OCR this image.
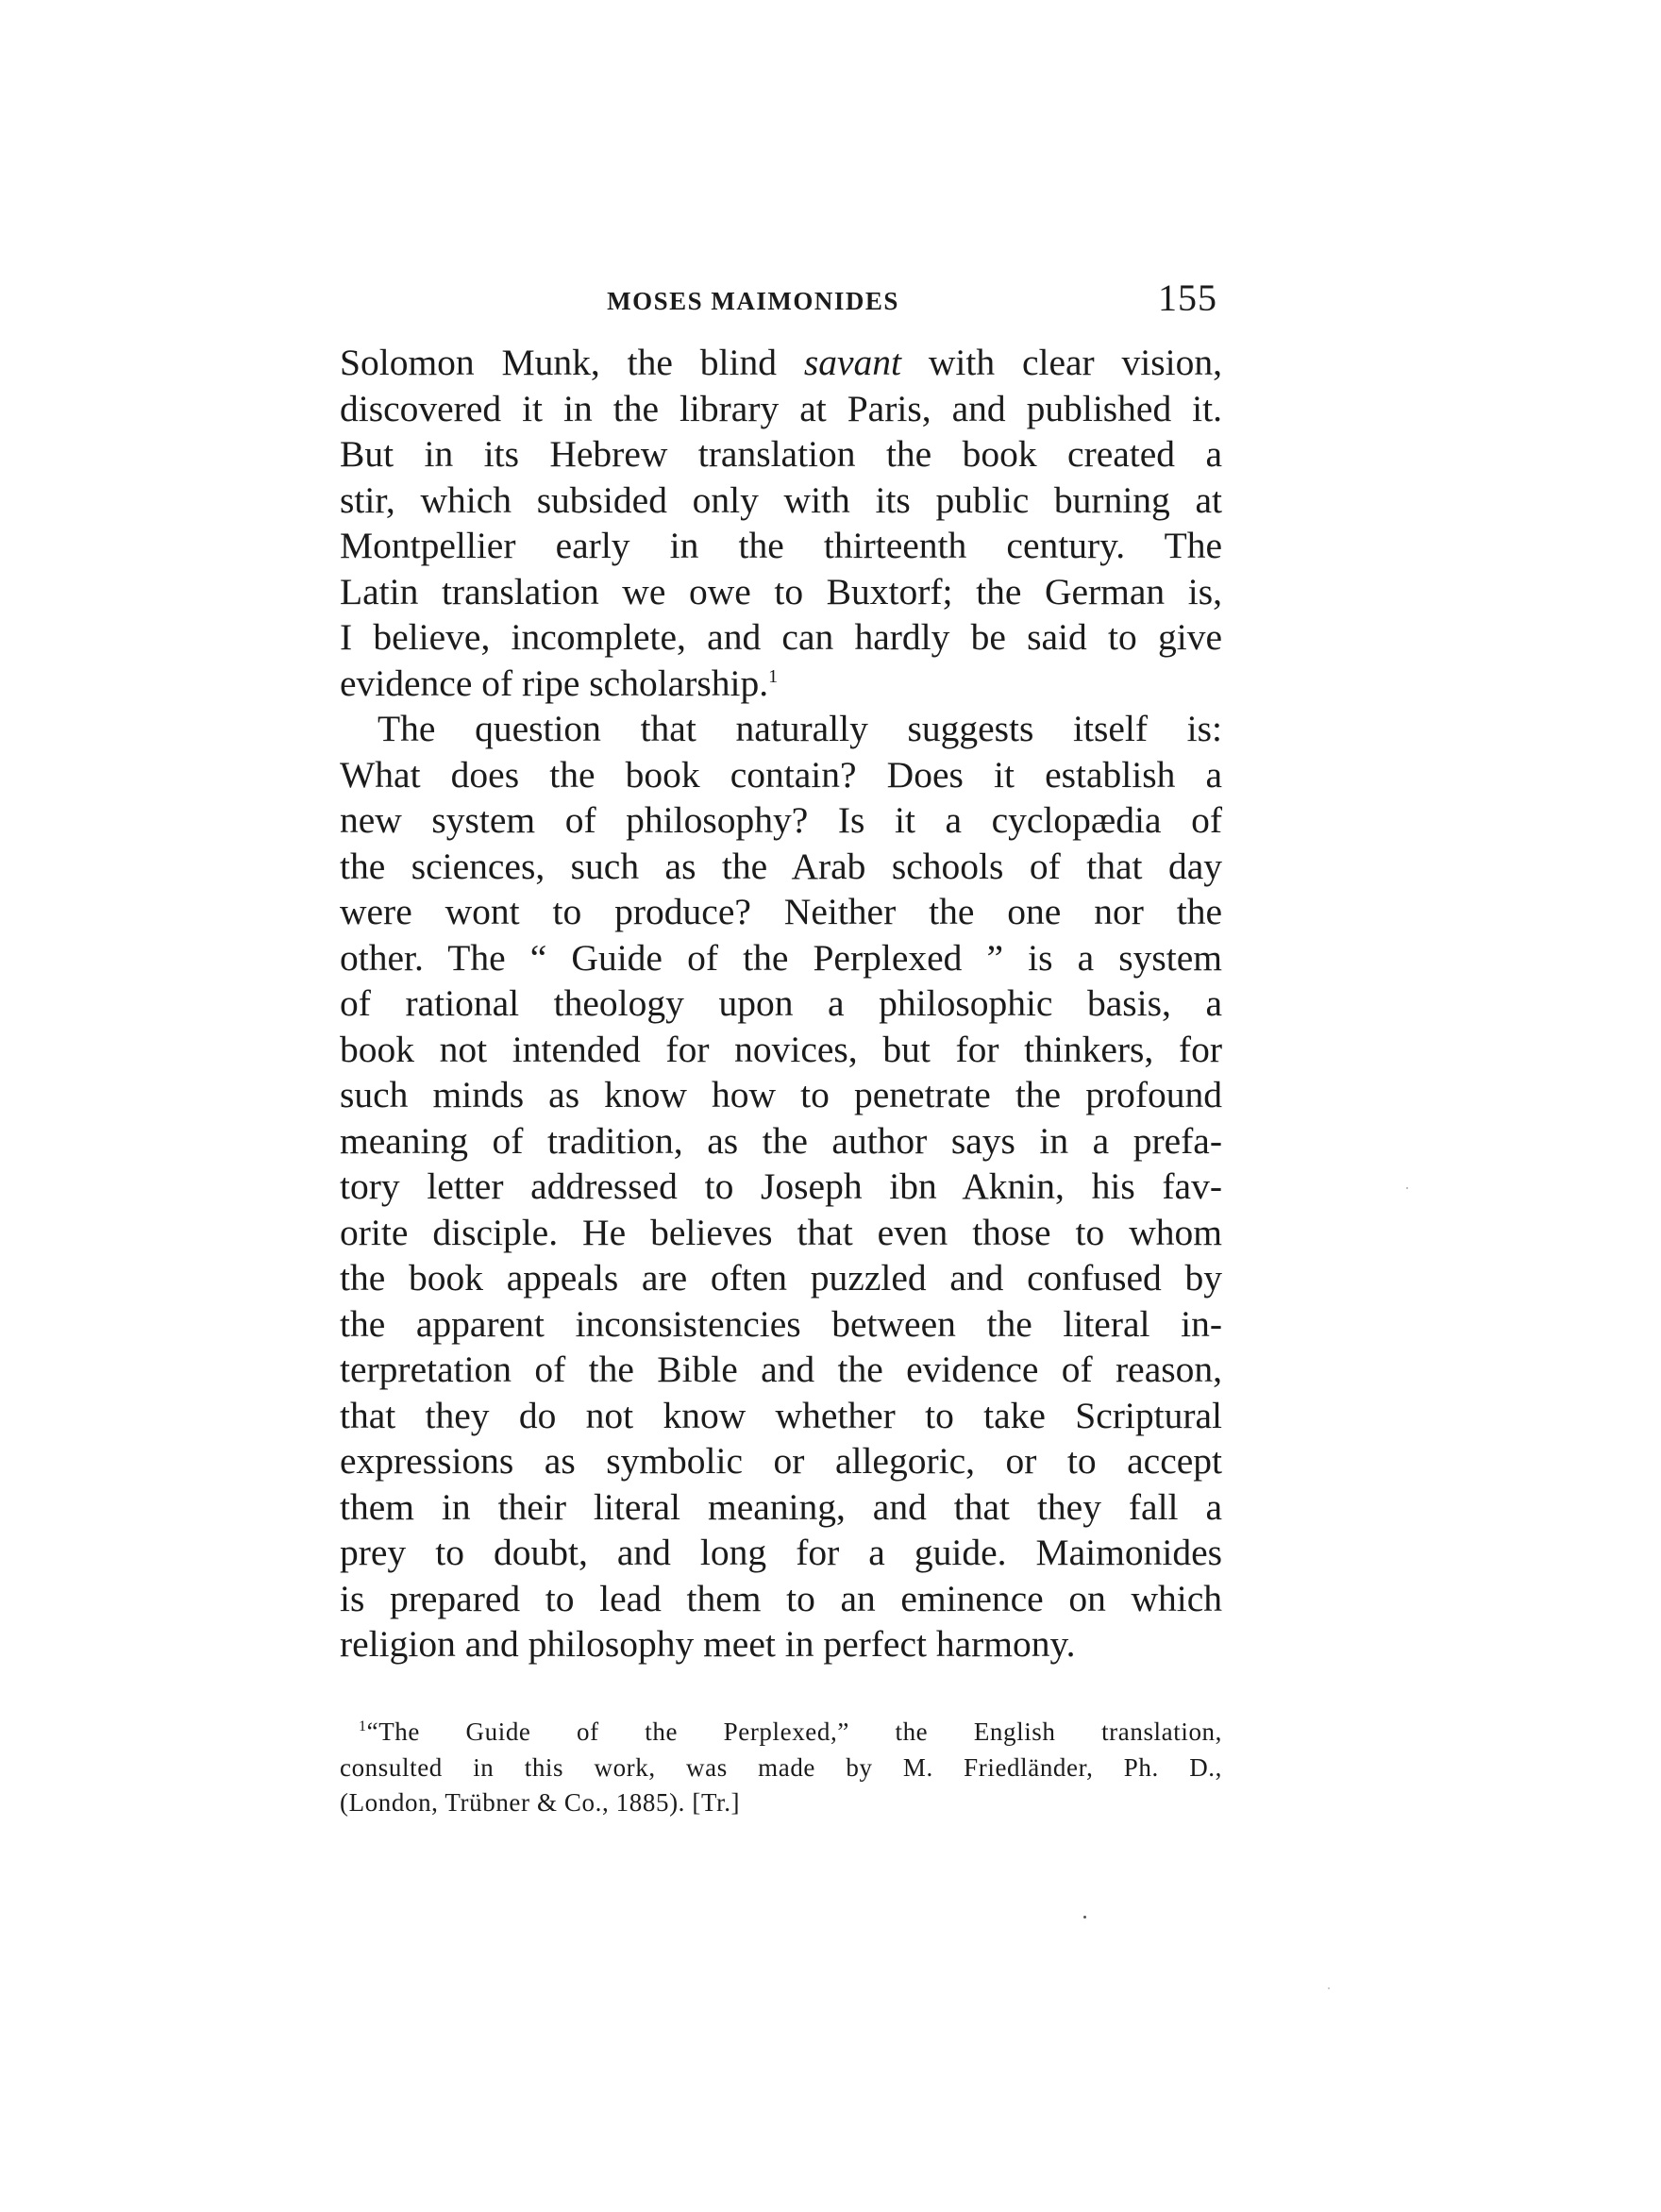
MOSES MAIMONIDES	155
Solomon Munk, the blind savant with clear vision,
discovered it in the library at Paris, and published it.
But in its Hebrew translation the book created a
stir, which subsided only with its public burning at
Montpellier early in the thirteenth century. The
Latin translation we owe to Buxtorf; the German is,
I believe, incomplete, and can hardly be said to give
evidence of ripe scholarship.$^1$
The question that naturally suggests itself is:
What does the book contain? Does it establish a
new system of philosophy? Is it a cyclopædia of
the sciences, such as the Arab schools of that day
were wont to produce? Neither the one nor the
other. The “ Guide of the Perplexed ” is a system
of rational theology upon a philosophic basis, a
book not intended for novices, but for thinkers, for
such minds as know how to penetrate the profound
meaning of tradition, as the author says in a prefa-
tory letter addressed to Joseph ibn Aknin, his fav-
orite disciple. He believes that even those to whom
the book appeals are often puzzled and confused by
the apparent inconsistencies between the literal in-
terpretation of the Bible and the evidence of reason,
that they do not know whether to take Scriptural
expressions as symbolic or allegoric, or to accept
them in their literal meaning, and that they fall a
prey to doubt, and long for a guide. Maimonides
is prepared to lead them to an eminence on which
religion and philosophy meet in perfect harmony.
$^1$“The Guide of the Perplexed,” the English translation,
consulted in this work, was made by M. Friedländer, Ph. D.,
(London, Trübner & Co., 1885). [Tr.]
